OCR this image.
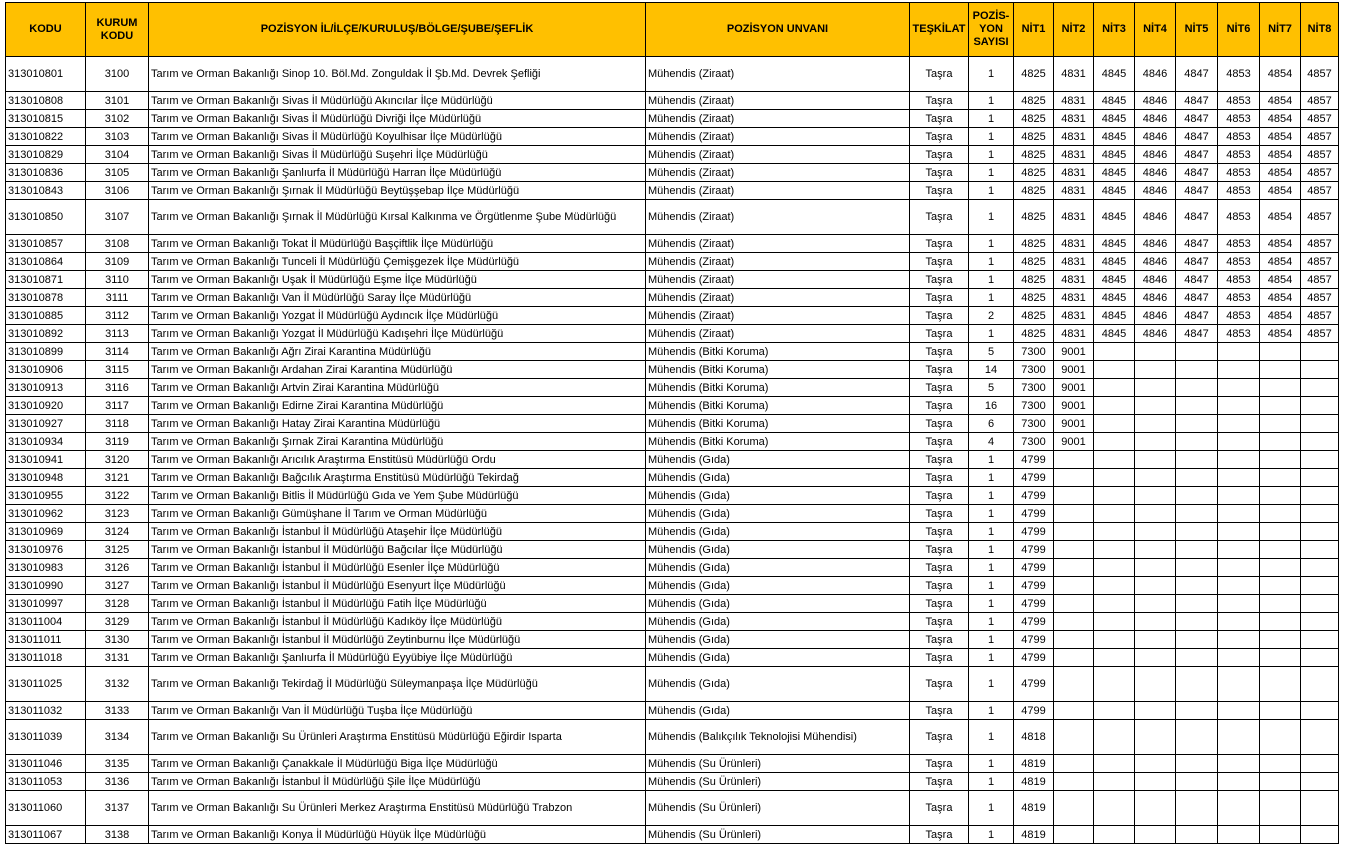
KODU	KURUM KODU	POZİSYON İL/İLÇE/KURULUŞ/BÖLGE/ŞUBE/ŞEFLİK	POZİSYON UNVANI	TEŞKİLAT	POZİS- YON SAYISI	NİT1	NİT2	NİT3	NİT4	NİT5	NİT6	NİT7	NİT8
313010801	3100	Tarım ve Orman Bakanlığı Sinop 10. Böl.Md. Zonguldak İl Şb.Md. Devrek Şefliği	Mühendis (Ziraat)	Taşra	1	4825	4831	4845	4846	4847	4853	4854	4857
313010808	3101	Tarım ve Orman Bakanlığı Sivas İl Müdürlüğü Akıncılar İlçe Müdürlüğü	Mühendis (Ziraat)	Taşra	1	4825	4831	4845	4846	4847	4853	4854	4857
313010815	3102	Tarım ve Orman Bakanlığı Sivas İl Müdürlüğü Divriği İlçe Müdürlüğü	Mühendis (Ziraat)	Taşra	1	4825	4831	4845	4846	4847	4853	4854	4857
313010822	3103	Tarım ve Orman Bakanlığı Sivas İl Müdürlüğü Koyulhisar İlçe Müdürlüğü	Mühendis (Ziraat)	Taşra	1	4825	4831	4845	4846	4847	4853	4854	4857
313010829	3104	Tarım ve Orman Bakanlığı Sivas İl Müdürlüğü Suşehri İlçe Müdürlüğü	Mühendis (Ziraat)	Taşra	1	4825	4831	4845	4846	4847	4853	4854	4857
313010836	3105	Tarım ve Orman Bakanlığı Şanlıurfa İl Müdürlüğü Harran İlçe Müdürlüğü	Mühendis (Ziraat)	Taşra	1	4825	4831	4845	4846	4847	4853	4854	4857
313010843	3106	Tarım ve Orman Bakanlığı Şırnak İl Müdürlüğü Beytüşşebap İlçe Müdürlüğü	Mühendis (Ziraat)	Taşra	1	4825	4831	4845	4846	4847	4853	4854	4857
313010850	3107	Tarım ve Orman Bakanlığı Şırnak İl Müdürlüğü Kırsal Kalkınma ve Örgütlenme Şube Müdürlüğü	Mühendis (Ziraat)	Taşra	1	4825	4831	4845	4846	4847	4853	4854	4857
313010857	3108	Tarım ve Orman Bakanlığı Tokat İl Müdürlüğü Başçiftlik İlçe Müdürlüğü	Mühendis (Ziraat)	Taşra	1	4825	4831	4845	4846	4847	4853	4854	4857
313010864	3109	Tarım ve Orman Bakanlığı Tunceli İl Müdürlüğü Çemişgezek İlçe Müdürlüğü	Mühendis (Ziraat)	Taşra	1	4825	4831	4845	4846	4847	4853	4854	4857
313010871	3110	Tarım ve Orman Bakanlığı Uşak İl Müdürlüğü Eşme İlçe Müdürlüğü	Mühendis (Ziraat)	Taşra	1	4825	4831	4845	4846	4847	4853	4854	4857
313010878	3111	Tarım ve Orman Bakanlığı Van İl Müdürlüğü Saray İlçe Müdürlüğü	Mühendis (Ziraat)	Taşra	1	4825	4831	4845	4846	4847	4853	4854	4857
313010885	3112	Tarım ve Orman Bakanlığı Yozgat İl Müdürlüğü Aydıncık İlçe Müdürlüğü	Mühendis (Ziraat)	Taşra	2	4825	4831	4845	4846	4847	4853	4854	4857
313010892	3113	Tarım ve Orman Bakanlığı Yozgat İl Müdürlüğü Kadışehri İlçe Müdürlüğü	Mühendis (Ziraat)	Taşra	1	4825	4831	4845	4846	4847	4853	4854	4857
313010899	3114	Tarım ve Orman Bakanlığı Ağrı Zirai Karantina Müdürlüğü	Mühendis (Bitki Koruma)	Taşra	5	7300	9001						
313010906	3115	Tarım ve Orman Bakanlığı Ardahan Zirai Karantina Müdürlüğü	Mühendis (Bitki Koruma)	Taşra	14	7300	9001						
313010913	3116	Tarım ve Orman Bakanlığı Artvin Zirai Karantina Müdürlüğü	Mühendis (Bitki Koruma)	Taşra	5	7300	9001						
313010920	3117	Tarım ve Orman Bakanlığı Edirne Zirai Karantina Müdürlüğü	Mühendis (Bitki Koruma)	Taşra	16	7300	9001						
313010927	3118	Tarım ve Orman Bakanlığı Hatay Zirai Karantina Müdürlüğü	Mühendis (Bitki Koruma)	Taşra	6	7300	9001						
313010934	3119	Tarım ve Orman Bakanlığı Şırnak Zirai Karantina Müdürlüğü	Mühendis (Bitki Koruma)	Taşra	4	7300	9001						
313010941	3120	Tarım ve Orman Bakanlığı Arıcılık Araştırma Enstitüsü Müdürlüğü Ordu	Mühendis (Gıda)	Taşra	1	4799							
313010948	3121	Tarım ve Orman Bakanlığı Bağcılık Araştırma Enstitüsü Müdürlüğü Tekirdağ	Mühendis (Gıda)	Taşra	1	4799							
313010955	3122	Tarım ve Orman Bakanlığı Bitlis İl Müdürlüğü Gıda ve Yem Şube Müdürlüğü	Mühendis (Gıda)	Taşra	1	4799							
313010962	3123	Tarım ve Orman Bakanlığı Gümüşhane İl Tarım ve Orman Müdürlüğü	Mühendis (Gıda)	Taşra	1	4799							
313010969	3124	Tarım ve Orman Bakanlığı İstanbul İl Müdürlüğü Ataşehir İlçe Müdürlüğü	Mühendis (Gıda)	Taşra	1	4799							
313010976	3125	Tarım ve Orman Bakanlığı İstanbul İl Müdürlüğü Bağcılar İlçe Müdürlüğü	Mühendis (Gıda)	Taşra	1	4799							
313010983	3126	Tarım ve Orman Bakanlığı İstanbul İl Müdürlüğü Esenler İlçe Müdürlüğü	Mühendis (Gıda)	Taşra	1	4799							
313010990	3127	Tarım ve Orman Bakanlığı İstanbul İl Müdürlüğü Esenyurt İlçe Müdürlüğü	Mühendis (Gıda)	Taşra	1	4799							
313010997	3128	Tarım ve Orman Bakanlığı İstanbul İl Müdürlüğü Fatih İlçe Müdürlüğü	Mühendis (Gıda)	Taşra	1	4799							
313011004	3129	Tarım ve Orman Bakanlığı İstanbul İl Müdürlüğü Kadıköy İlçe Müdürlüğü	Mühendis (Gıda)	Taşra	1	4799							
313011011	3130	Tarım ve Orman Bakanlığı İstanbul İl Müdürlüğü Zeytinburnu İlçe Müdürlüğü	Mühendis (Gıda)	Taşra	1	4799							
313011018	3131	Tarım ve Orman Bakanlığı Şanlıurfa İl Müdürlüğü Eyyübiye İlçe Müdürlüğü	Mühendis (Gıda)	Taşra	1	4799							
313011025	3132	Tarım ve Orman Bakanlığı Tekirdağ İl Müdürlüğü Süleymanpaşa İlçe Müdürlüğü	Mühendis (Gıda)	Taşra	1	4799							
313011032	3133	Tarım ve Orman Bakanlığı Van İl Müdürlüğü Tuşba İlçe Müdürlüğü	Mühendis (Gıda)	Taşra	1	4799							
313011039	3134	Tarım ve Orman Bakanlığı Su Ürünleri Araştırma Enstitüsü Müdürlüğü Eğirdir Isparta	Mühendis (Balıkçılık Teknolojisi Mühendisi)	Taşra	1	4818							
313011046	3135	Tarım ve Orman Bakanlığı Çanakkale İl Müdürlüğü Biga İlçe Müdürlüğü	Mühendis (Su Ürünleri)	Taşra	1	4819							
313011053	3136	Tarım ve Orman Bakanlığı İstanbul İl Müdürlüğü Şile İlçe Müdürlüğü	Mühendis (Su Ürünleri)	Taşra	1	4819							
313011060	3137	Tarım ve Orman Bakanlığı Su Ürünleri Merkez Araştırma Enstitüsü Müdürlüğü Trabzon	Mühendis (Su Ürünleri)	Taşra	1	4819							
313011067	3138	Tarım ve Orman Bakanlığı Konya İl Müdürlüğü Hüyük İlçe Müdürlüğü	Mühendis (Su Ürünleri)	Taşra	1	4819							
